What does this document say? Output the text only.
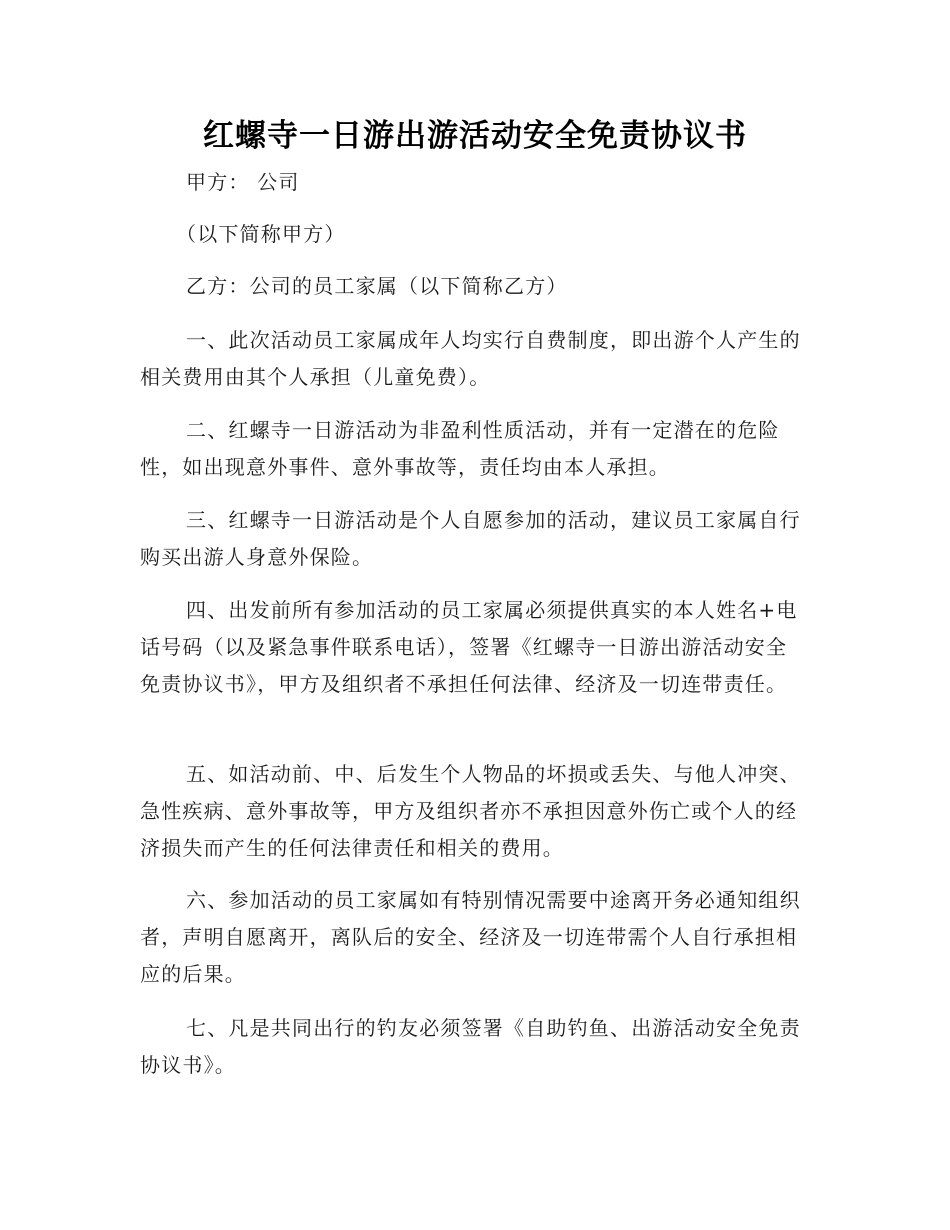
红螺寺一日游出游活动安全免责协议书

甲方： 公司

（以下简称甲方）

乙方：公司的员工家属（以下简称乙方）

一、此次活动员工家属成年人均实行自费制度，即出游个人产生的相关费用由其个人承担（儿童免费）。

二、红螺寺一日游活动为非盈利性质活动，并有一定潜在的危险性，如出现意外事件、意外事故等，责任均由本人承担。

三、红螺寺一日游活动是个人自愿参加的活动，建议员工家属自行购买出游人身意外保险。

四、出发前所有参加活动的员工家属必须提供真实的本人姓名+电话号码（以及紧急事件联系电话），签署《红螺寺一日游出游活动安全免责协议书》，甲方及组织者不承担任何法律、经济及一切连带责任。

五、如活动前、中、后发生个人物品的坏损或丢失、与他人冲突、急性疾病、意外事故等，甲方及组织者亦不承担因意外伤亡或个人的经济损失而产生的任何法律责任和相关的费用。

六、参加活动的员工家属如有特别情况需要中途离开务必通知组织者，声明自愿离开，离队后的安全、经济及一切连带需个人自行承担相应的后果。

七、凡是共同出行的钓友必须签署《自助钓鱼、出游活动安全免责协议书》。
